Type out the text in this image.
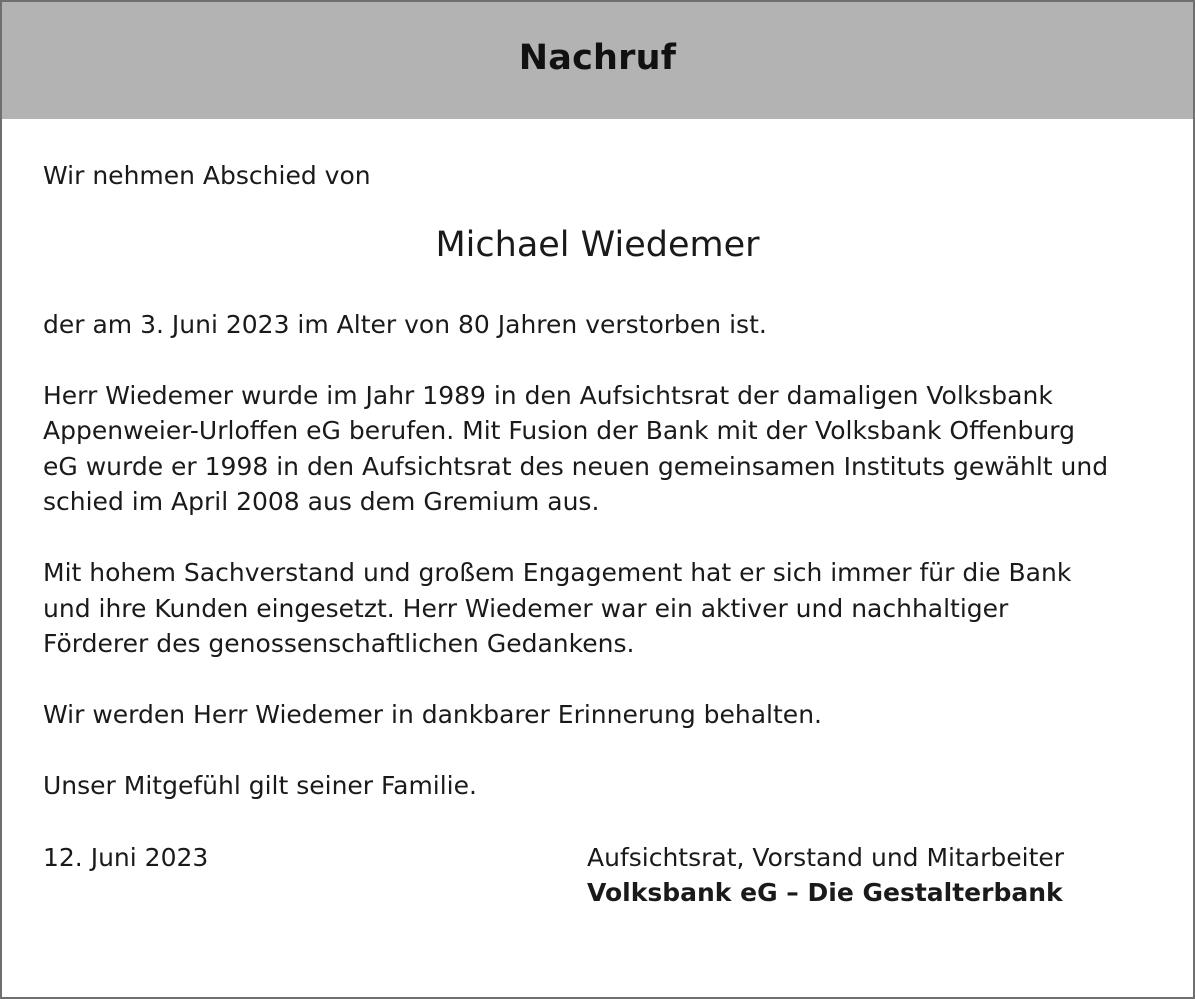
Nachruf

Wir nehmen Abschied von

Michael Wiedemer

der am 3. Juni 2023 im Alter von 80 Jahren verstorben ist.

Herr Wiedemer wurde im Jahr 1989 in den Aufsichtsrat der damaligen Volksbank
Appenweier-Urloffen eG berufen. Mit Fusion der Bank mit der Volksbank Offenburg
eG wurde er 1998 in den Aufsichtsrat des neuen gemeinsamen Instituts gewählt und
schied im April 2008 aus dem Gremium aus.

Mit hohem Sachverstand und großem Engagement hat er sich immer für die Bank
und ihre Kunden eingesetzt. Herr Wiedemer war ein aktiver und nachhaltiger
Förderer des genossenschaftlichen Gedankens.

Wir werden Herr Wiedemer in dankbarer Erinnerung behalten.

Unser Mitgefühl gilt seiner Familie.

12. Juni 2023	Aufsichtsrat, Vorstand und Mitarbeiter
Volksbank eG – Die Gestalterbank
